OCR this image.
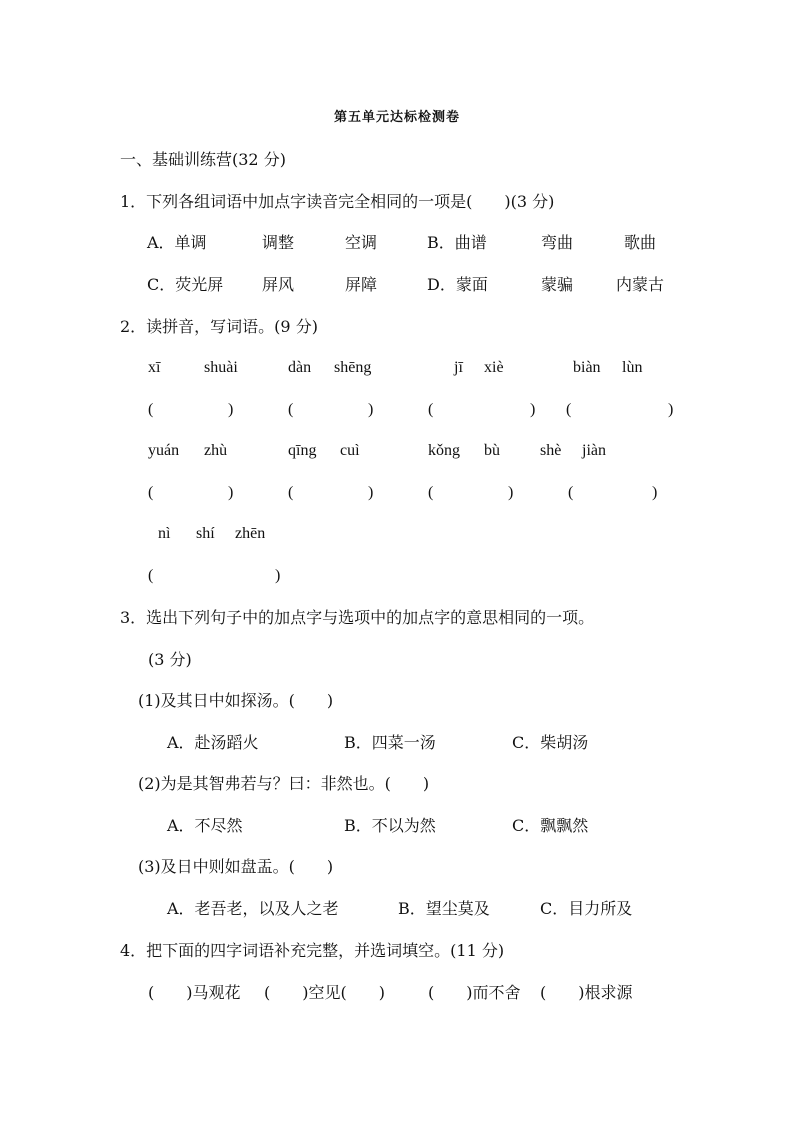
第五单元达标检测卷
一、基础训练营(32 分)
1．下列各组词语中加点字读音完全相同的一项是(　　)(3 分)
A．单调	调整	空调	B．曲谱	弯曲	歌曲
C．荧光屏 屏风	屏障	D．蒙面	蒙骗	内蒙古
2．读拼音，写词语。(9 分)
xī	shuài	dàn shēng	jī xiè	biàn lùn
(	)	(	)	(	) (	)
yuán zhù	qīng cuì	kǒng bù	shè jiàn
(	)	(	)	(	)	(	)
nì shí zhēn
(	)
3．选出下列句子中的加点字与选项中的加点字的意思相同的一项。
(3 分)
(1)及其日中如探汤。(　　)
A．赴汤蹈火	B．四菜一汤	C．柴胡汤
(2)为是其智弗若与？曰：非然也。(　　)
A．不尽然	B．不以为然	C．飘飘然
(3)及日中则如盘盂。(　　)
A．老吾老，以及人之老	B．望尘莫及	C．目力所及
4．把下面的四字词语补充完整，并选词填空。(11 分)
(　　)马观花 (　　)空见(　　)	(　　)而不舍 (　　)根求源
